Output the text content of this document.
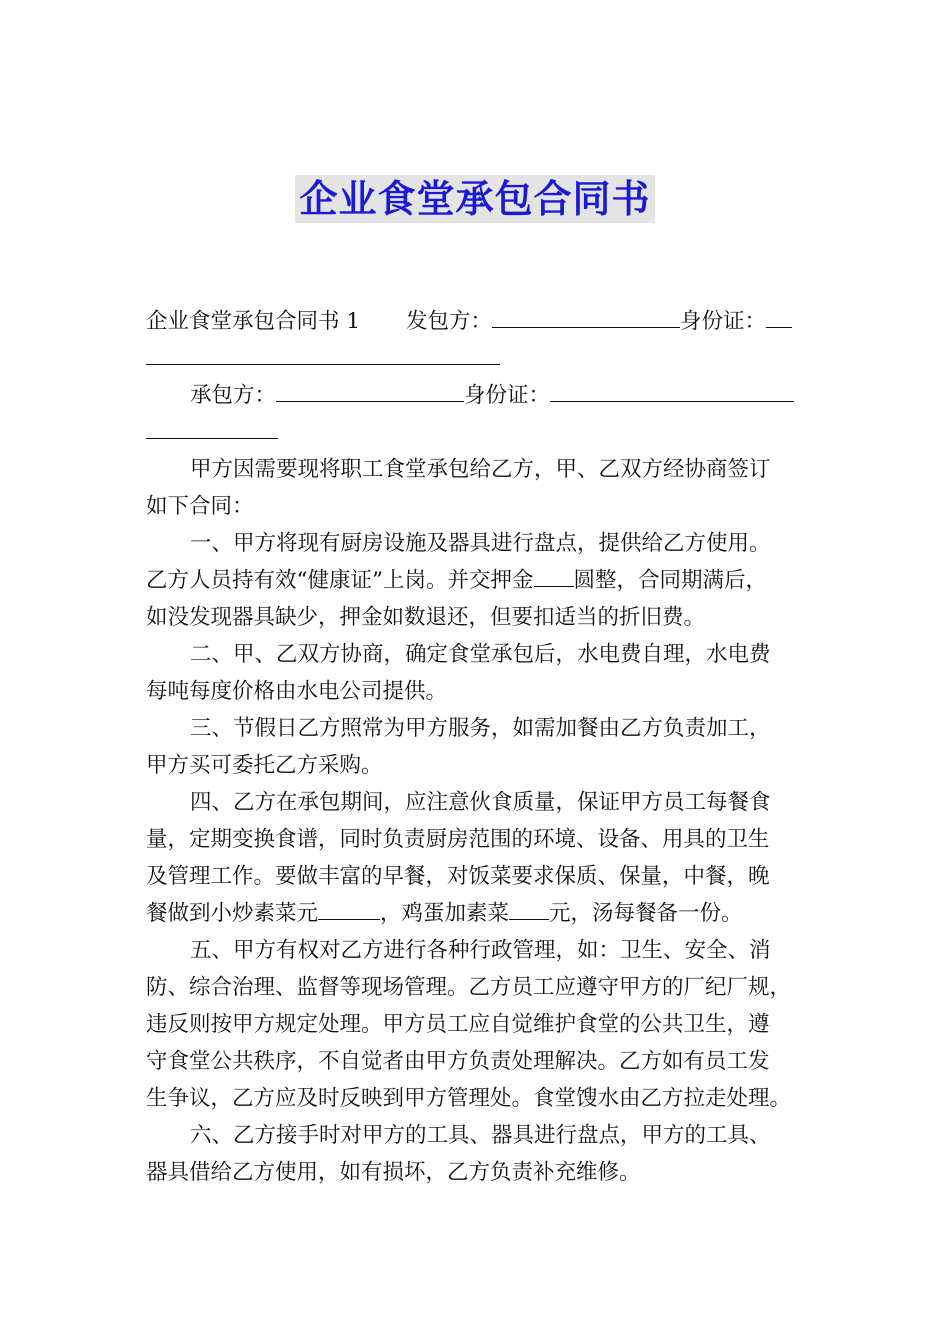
企业食堂承包合同书
企业食堂承包合同书 1 发包方：	身份证：
承包方：	身份证：
甲方因需要现将职工食堂承包给乙方，甲、乙双方经协商签订
如下合同：
一、甲方将现有厨房设施及器具进行盘点，提供给乙方使用。
乙方人员持有效“健康证”上岗。并交押金 圆整，合同期满后，
如没发现器具缺少，押金如数退还，但要扣适当的折旧费。
二、甲、乙双方协商，确定食堂承包后，水电费自理，水电费
每吨每度价格由水电公司提供。
三、节假日乙方照常为甲方服务，如需加餐由乙方负责加工，
甲方买可委托乙方采购。
四、乙方在承包期间，应注意伙食质量，保证甲方员工每餐食
量，定期变换食谱，同时负责厨房范围的环境、设备、用具的卫生
及管理工作。要做丰富的早餐，对饭菜要求保质、保量，中餐，晚
餐做到小炒素菜元	，鸡蛋加素菜 元，汤每餐备一份。
五、甲方有权对乙方进行各种行政管理，如：卫生、安全、消
防、综合治理、监督等现场管理。乙方员工应遵守甲方的厂纪厂规，
违反则按甲方规定处理。甲方员工应自觉维护食堂的公共卫生，遵
守食堂公共秩序，不自觉者由甲方负责处理解决。乙方如有员工发
生争议，乙方应及时反映到甲方管理处。食堂馊水由乙方拉走处理。
六、乙方接手时对甲方的工具、器具进行盘点，甲方的工具、
器具借给乙方使用，如有损坏，乙方负责补充维修。
